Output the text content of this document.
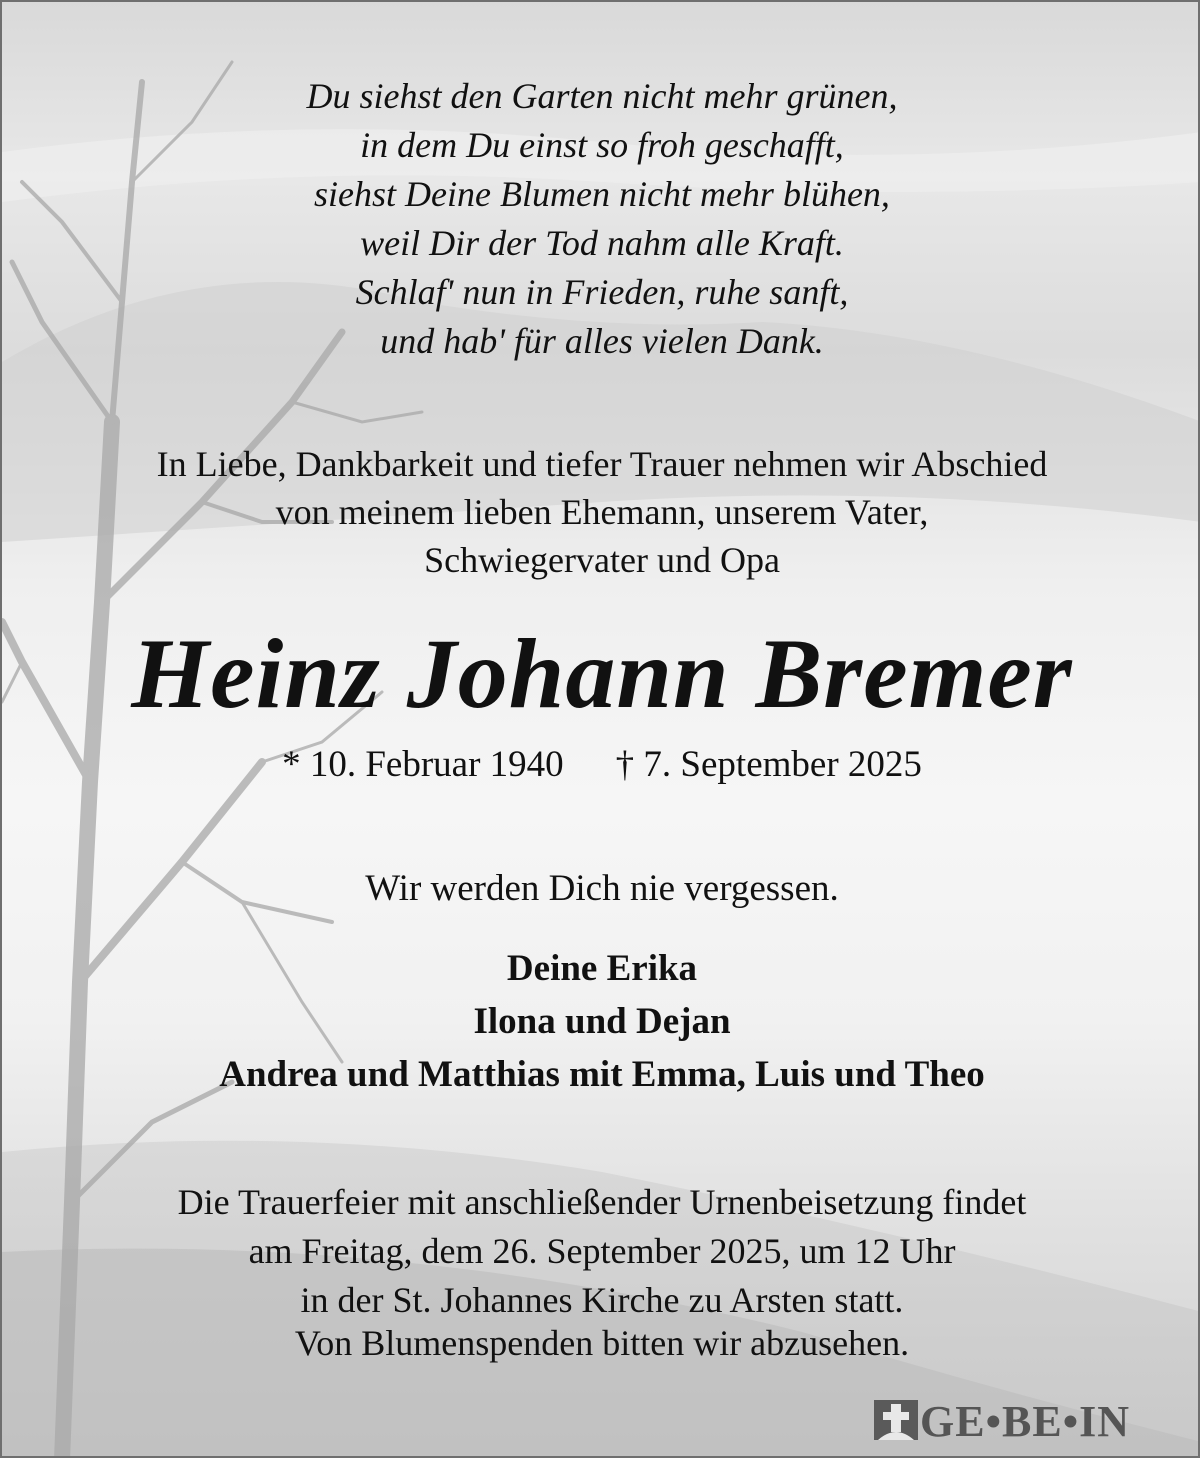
Du siehst den Garten nicht mehr grünen,
in dem Du einst so froh geschafft,
siehst Deine Blumen nicht mehr blühen,
weil Dir der Tod nahm alle Kraft.
Schlaf' nun in Frieden, ruhe sanft,
und hab' für alles vielen Dank.
In Liebe, Dankbarkeit und tiefer Trauer nehmen wir Abschied
von meinem lieben Ehemann, unserem Vater,
Schwiegervater und Opa
Heinz Johann Bremer
* 10. Februar 1940 † 7. September 2025
Wir werden Dich nie vergessen.
Deine Erika
Ilona und Dejan
Andrea und Matthias mit Emma, Luis und Theo
Die Trauerfeier mit anschließender Urnenbeisetzung findet
am Freitag, dem 26. September 2025, um 12 Uhr
in der St. Johannes Kirche zu Arsten statt.
Von Blumenspenden bitten wir abzusehen.
GE•BE•IN
